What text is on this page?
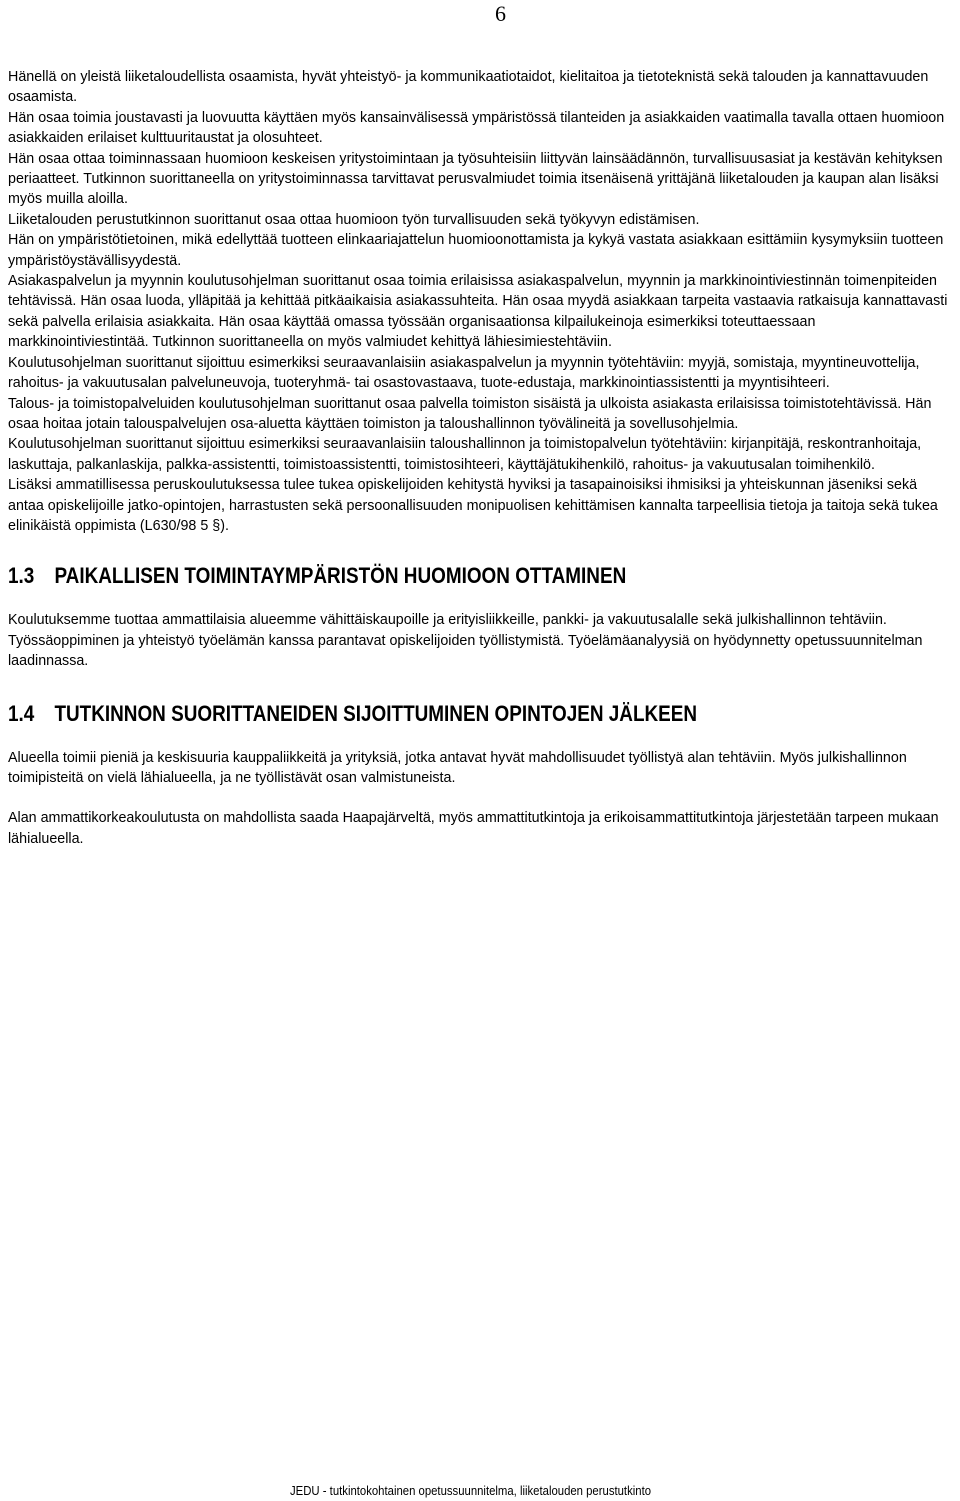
6

Hänellä on yleistä liiketaloudellista osaamista, hyvät yhteistyö- ja kommunikaatiotaidot, kielitaitoa ja tietoteknistä sekä talouden ja kannattavuuden osaamista.
Hän osaa toimia joustavasti ja luovuutta käyttäen myös kansainvälisessä ympäristössä tilanteiden ja asiakkaiden vaatimalla tavalla ottaen huomioon asiakkaiden erilaiset kulttuuritaustat ja olosuhteet.
Hän osaa ottaa toiminnassaan huomioon keskeisen yritystoimintaan ja työsuhteisiin liittyvän lainsäädännön, turvallisuusasiat ja kestävän kehityksen periaatteet. Tutkinnon suorittaneella on yritystoiminnassa tarvittavat perusvalmiudet toimia itsenäisenä yrittäjänä liiketalouden ja kaupan alan lisäksi myös muilla aloilla.
Liiketalouden perustutkinnon suorittanut osaa ottaa huomioon työn turvallisuuden sekä työkyvyn edistämisen.
Hän on ympäristötietoinen, mikä edellyttää tuotteen elinkaariajattelun huomioonottamista ja kykyä vastata asiakkaan esittämiin kysymyksiin tuotteen ympäristöystävällisyydestä.
Asiakaspalvelun ja myynnin koulutusohjelman suorittanut osaa toimia erilaisissa asiakaspalvelun, myynnin ja markkinointiviestinnän toimenpiteiden tehtävissä. Hän osaa luoda, ylläpitää ja kehittää pitkäaikaisia asiakassuhteita. Hän osaa myydä asiakkaan tarpeita vastaavia ratkaisuja kannattavasti sekä palvella erilaisia asiakkaita. Hän osaa käyttää omassa työssään organisaationsa kilpailukeinoja esimerkiksi toteuttaessaan markkinointiviestintää. Tutkinnon suorittaneella on myös valmiudet kehittyä lähiesimiestehtäviin.
Koulutusohjelman suorittanut sijoittuu esimerkiksi seuraavanlaisiin asiakaspalvelun ja myynnin työtehtäviin: myyjä, somistaja, myyntineuvottelija, rahoitus- ja vakuutusalan palveluneuvoja, tuoteryhmä- tai osastovastaava, tuote-edustaja, markkinointiassistentti ja myyntisihteeri.
Talous- ja toimistopalveluiden koulutusohjelman suorittanut osaa palvella toimiston sisäistä ja ulkoista asiakasta erilaisissa toimistotehtävissä. Hän osaa hoitaa jotain talouspalvelujen osa-aluetta käyttäen toimiston ja taloushallinnon työvälineitä ja sovellusohjelmia.
Koulutusohjelman suorittanut sijoittuu esimerkiksi seuraavanlaisiin taloushallinnon ja toimistopalvelun työtehtäviin: kirjanpitäjä, reskontranhoitaja, laskuttaja, palkanlaskija, palkka-assistentti, toimistoassistentti, toimistosihteeri, käyttäjätukihenkilö, rahoitus- ja vakuutusalan toimihenkilö.
Lisäksi ammatillisessa peruskoulutuksessa tulee tukea opiskelijoiden kehitystä hyviksi ja tasapainoisiksi ihmisiksi ja yhteiskunnan jäseniksi sekä antaa opiskelijoille jatko-opintojen, harrastusten sekä persoonallisuuden monipuolisen kehittämisen kannalta tarpeellisia tietoja ja taitoja sekä tukea elinikäistä oppimista (L630/98 5 §).

1.3 PAIKALLISEN TOIMINTAYMPÄRISTÖN HUOMIOON OTTAMINEN

Koulutuksemme tuottaa ammattilaisia alueemme vähittäiskaupoille ja erityisliikkeille, pankki- ja vakuutusalalle sekä julkishallinnon tehtäviin. Työssäoppiminen ja yhteistyö työelämän kanssa parantavat opiskelijoiden työllistymistä. Työelämäanalyysiä on hyödynnetty opetussuunnitelman laadinnassa.

1.4 TUTKINNON SUORITTANEIDEN SIJOITTUMINEN OPINTOJEN JÄLKEEN

Alueella toimii pieniä ja keskisuuria kauppaliikkeitä ja yrityksiä, jotka antavat hyvät mahdollisuudet työllistyä alan tehtäviin. Myös julkishallinnon toimipisteitä on vielä lähialueella, ja ne työllistävät osan valmistuneista.

Alan ammattikorkeakoulutusta on mahdollista saada Haapajärveltä, myös ammattitutkintoja ja erikoisammattitutkintoja järjestetään tarpeen mukaan lähialueella.

JEDU - tutkintokohtainen opetussuunnitelma, liiketalouden perustutkinto
